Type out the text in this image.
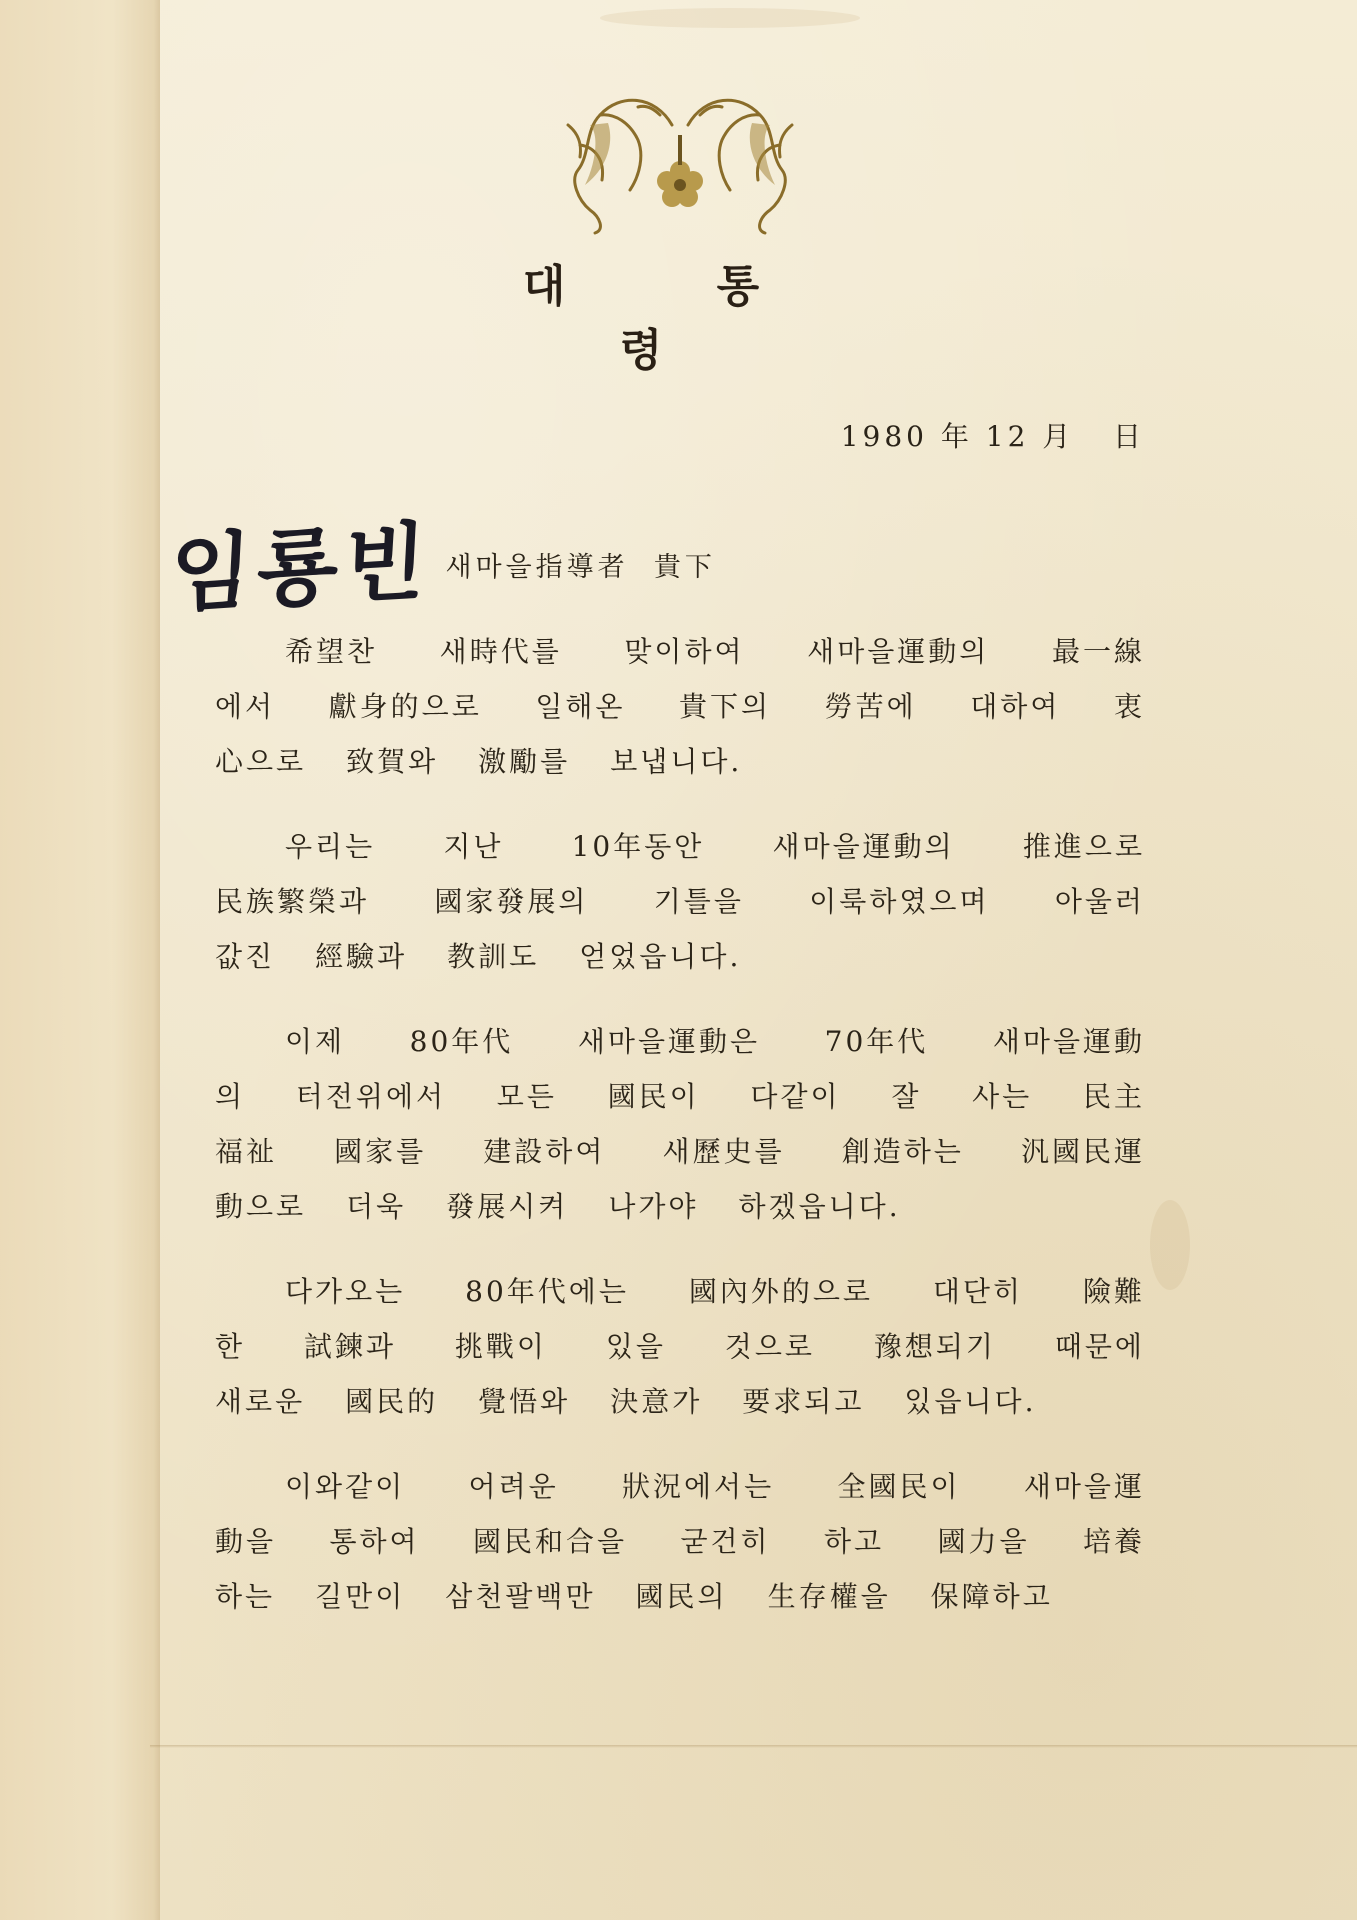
대 통 령
1980 年 12 月   日
임룡빈 새마을指導者  貴下
希望찬 새時代를 맞이하여 새마을運動의 最一線
에서 獻身的으로 일해온 貴下의 勞苦에 대하여 衷
心으로 致賀와 激勵를 보냅니다.
우리는 지난 10年동안 새마을運動의 推進으로
民族繁榮과 國家發展의 기틀을 이룩하였으며 아울러
값진 經驗과 教訓도 얻었읍니다.
이제 80年代 새마을運動은 70年代 새마을運動
의 터전위에서 모든 國民이 다같이 잘 사는 民主
福祉 國家를 建設하여 새歷史를 創造하는 汎國民運
動으로 더욱 發展시켜 나가야 하겠읍니다.
다가오는 80年代에는 國內外的으로 대단히 險難
한 試鍊과 挑戰이 있을 것으로 豫想되기 때문에
새로운 國民的 覺悟와 決意가 要求되고 있읍니다.
이와같이 어려운 狀況에서는 全國民이 새마을運
動을 통하여 國民和合을 굳건히 하고 國力을 培養
하는 길만이 삼천팔백만 國民의 生存權을 保障하고
